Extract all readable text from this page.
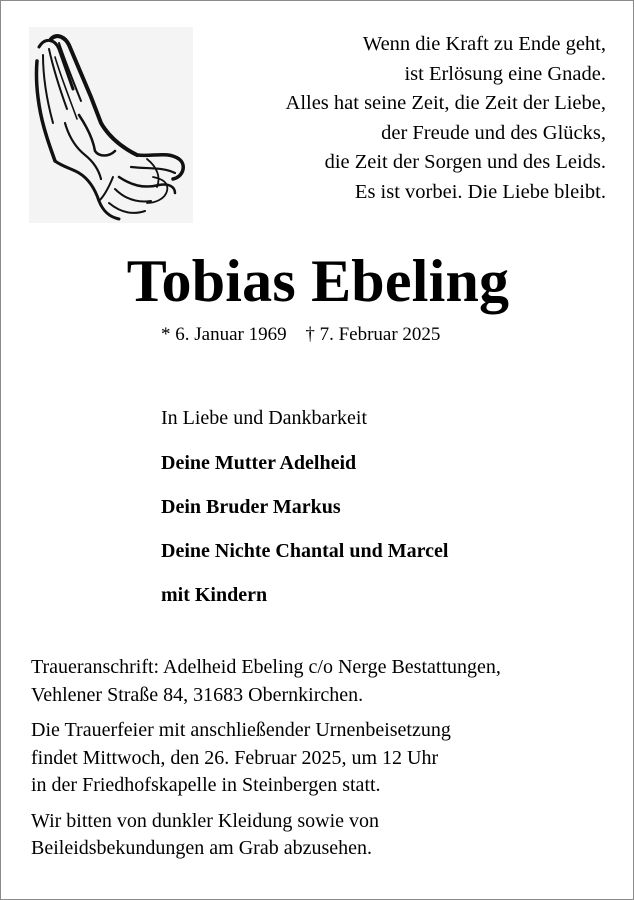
Wenn die Kraft zu Ende geht,
ist Erlösung eine Gnade.
Alles hat seine Zeit, die Zeit der Liebe,
der Freude und des Glücks,
die Zeit der Sorgen und des Leids.
Es ist vorbei. Die Liebe bleibt.
Tobias Ebeling
* 6. Januar 1969 † 7. Februar 2025
In Liebe und Dankbarkeit
Deine Mutter Adelheid
Dein Bruder Markus
Deine Nichte Chantal und Marcel
mit Kindern

Traueranschrift: Adelheid Ebeling c/o Nerge Bestattungen,
Vehlener Straße 84, 31683 Obernkirchen.

Die Trauerfeier mit anschließender Urnenbeisetzung
findet Mittwoch, den 26. Februar 2025, um 12 Uhr
in der Friedhofskapelle in Steinbergen statt.

Wir bitten von dunkler Kleidung sowie von
Beileidsbekundungen am Grab abzusehen.
